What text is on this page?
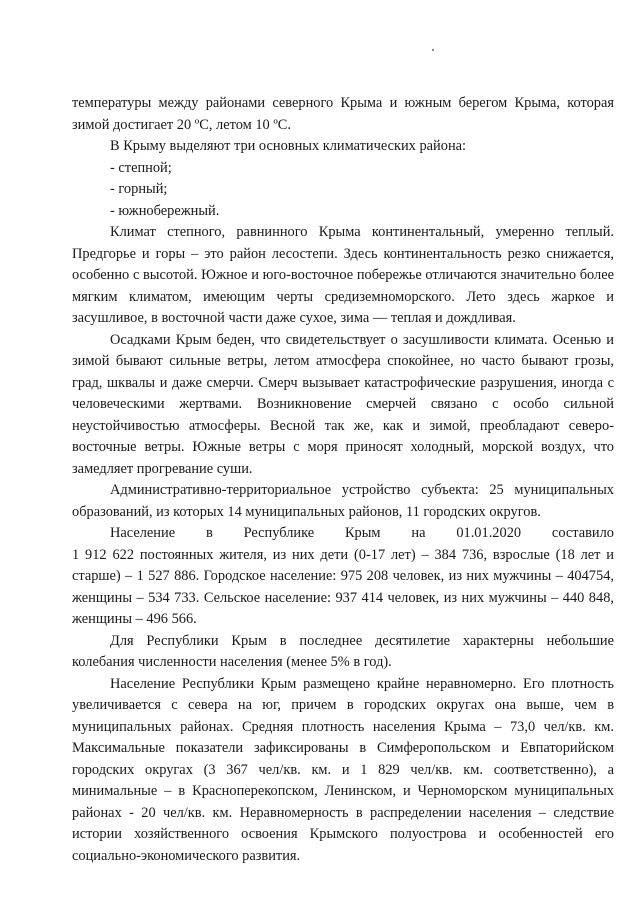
температуры между районами северного Крыма и южным берегом Крыма, которая зимой достигает 20 ºС, летом 10 ºС.

В Крыму выделяют три основных климатических района:

- степной;

- горный;

- южнобережный.

Климат степного, равнинного Крыма континентальный, умеренно теплый. Предгорье и горы – это район лесостепи. Здесь континентальность резко снижается, особенно с высотой. Южное и юго-восточное побережье отличаются значительно более мягким климатом, имеющим черты средиземноморского. Лето здесь жаркое и засушливое, в восточной части даже сухое, зима — теплая и дождливая.

Осадками Крым беден, что свидетельствует о засушливости климата. Осенью и зимой бывают сильные ветры, летом атмосфера спокойнее, но часто бывают грозы, град, шквалы и даже смерчи. Смерч вызывает катастрофические разрушения, иногда с человеческими жертвами. Возникновение смерчей связано с особо сильной неустойчивостью атмосферы. Весной так же, как и зимой, преобладают северо-восточные ветры. Южные ветры с моря приносят холодный, морской воздух, что замедляет прогревание суши.

Административно-территориальное устройство субъекта: 25 муниципальных образований, из которых 14 муниципальных районов, 11 городских округов.

Население в Республике Крым на 01.01.2020 составило

1 912 622 постоянных жителя, из них дети (0-17 лет) – 384 736, взрослые (18 лет и старше) – 1 527 886. Городское население: 975 208 человек, из них мужчины – 404754, женщины – 534 733. Сельское население: 937 414 человек, из них мужчины – 440 848, женщины – 496 566.

Для Республики Крым в последнее десятилетие характерны небольшие колебания численности населения (менее 5% в год).

Население Республики Крым размещено крайне неравномерно. Его плотность увеличивается с севера на юг, причем в городских округах она выше, чем в муниципальных районах. Средняя плотность населения Крыма – 73,0 чел/кв. км. Максимальные показатели зафиксированы в Симферопольском и Евпаторийском городских округах (3 367 чел/кв. км. и 1 829 чел/кв. км. соответственно), а минимальные – в Красноперекопском, Ленинском, и Черноморском муниципальных районах - 20 чел/кв. км. Неравномерность в распределении населения – следствие истории хозяйственного освоения Крымского полуострова и особенностей его социально-экономического развития.
